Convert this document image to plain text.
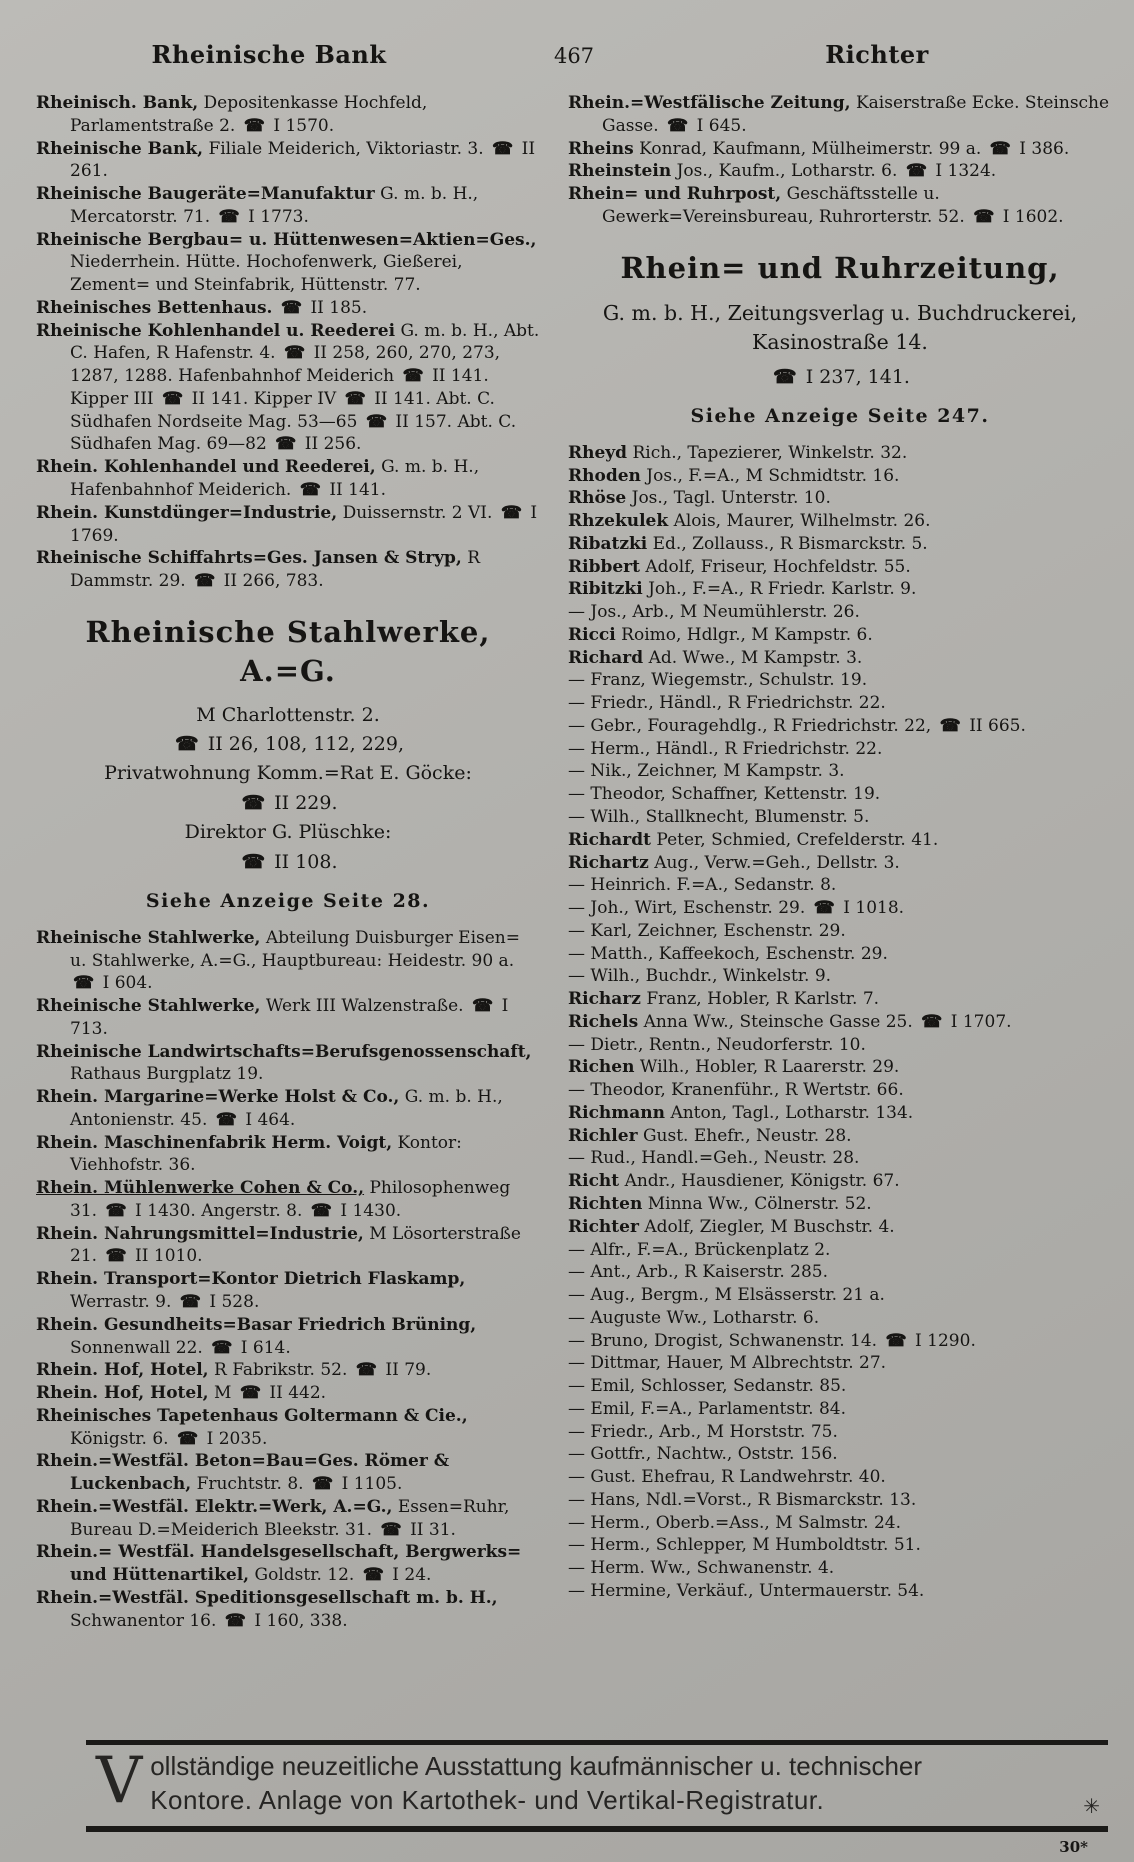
Rheinische Bank	467	Richter
Rheinisch. Bank, Depositenkasse Hochfeld, Parlamentstraße 2. ☎ I 1570.
Rheinische Bank, Filiale Meiderich, Viktoriastr. 3. ☎ II 261.
Rheinische Baugeräte=Manufaktur G. m. b. H., Mercatorstr. 71. ☎ I 1773.
Rheinische Bergbau= u. Hüttenwesen=Aktien=Ges., Niederrhein. Hütte. Hochofenwerk, Gießerei, Zement= und Steinfabrik, Hüttenstr. 77.
Rheinisches Bettenhaus. ☎ II 185.
Rheinische Kohlenhandel u. Reederei G. m. b. H., Abt. C. Hafen, R Hafenstr. 4. ☎ II 258, 260, 270, 273, 1287, 1288. Hafenbahnhof Meiderich ☎ II 141. Kipper III ☎ II 141. Kipper IV ☎ II 141. Abt. C. Südhafen Nordseite Mag. 53—65 ☎ II 157. Abt. C. Südhafen Mag. 69—82 ☎ II 256.
Rhein. Kohlenhandel und Reederei, G. m. b. H., Hafenbahnhof Meiderich. ☎ II 141.
Rhein. Kunstdünger=Industrie, Duissernstr. 2 VI. ☎ I 1769.
Rheinische Schiffahrts=Ges. Jansen & Stryp, R Dammstr. 29. ☎ II 266, 783.
Rheinische Stahlwerke, A.=G.
M Charlottenstr. 2.
☎ II 26, 108, 112, 229,
Privatwohnung Komm.=Rat E. Göcke:
☎ II 229.
Direktor G. Plüschke:
☎ II 108.
Siehe Anzeige Seite 28.
Rheinische Stahlwerke, Abteilung Duisburger Eisen= u. Stahlwerke, A.=G., Hauptbureau: Heidestr. 90 a. ☎ I 604.
Rheinische Stahlwerke, Werk III Walzenstraße. ☎ I 713.
Rheinische Landwirtschafts=Berufsgenossenschaft, Rathaus Burgplatz 19.
Rhein. Margarine=Werke Holst & Co., G. m. b. H., Antonienstr. 45. ☎ I 464.
Rhein. Maschinenfabrik Herm. Voigt, Kontor: Viehhofstr. 36.
Rhein. Mühlenwerke Cohen & Co., Philosophenweg 31. ☎ I 1430. Angerstr. 8. ☎ I 1430.
Rhein. Nahrungsmittel=Industrie, M Lösorterstraße 21. ☎ II 1010.
Rhein. Transport=Kontor Dietrich Flaskamp, Werrastr. 9. ☎ I 528.
Rhein. Gesundheits=Basar Friedrich Brüning, Sonnenwall 22. ☎ I 614.
Rhein. Hof, Hotel, R Fabrikstr. 52. ☎ II 79.
Rhein. Hof, Hotel, M ☎ II 442.
Rheinisches Tapetenhaus Goltermann & Cie., Königstr. 6. ☎ I 2035.
Rhein.=Westfäl. Beton=Bau=Ges. Römer & Luckenbach, Fruchtstr. 8. ☎ I 1105.
Rhein.=Westfäl. Elektr.=Werk, A.=G., Essen=Ruhr, Bureau D.=Meiderich Bleekstr. 31. ☎ II 31.
Rhein.= Westfäl. Handelsgesellschaft, Bergwerks= und Hüttenartikel, Goldstr. 12. ☎ I 24.
Rhein.=Westfäl. Speditionsgesellschaft m. b. H., Schwanentor 16. ☎ I 160, 338.
Rhein.=Westfälische Zeitung, Kaiserstraße Ecke. Steinsche Gasse. ☎ I 645.
Rheins Konrad, Kaufmann, Mülheimerstr. 99 a. ☎ I 386.
Rheinstein Jos., Kaufm., Lotharstr. 6. ☎ I 1324.
Rhein= und Ruhrpost, Geschäftsstelle u. Gewerk=Vereinsbureau, Ruhrorterstr. 52. ☎ I 1602.
Rhein= und Ruhrzeitung,
G. m. b. H., Zeitungsverlag u. Buchdruckerei, Kasinostraße 14.
☎ I 237, 141.
Siehe Anzeige Seite 247.
Rheyd Rich., Tapezierer, Winkelstr. 32.
Rhoden Jos., F.=A., M Schmidtstr. 16.
Rhöse Jos., Tagl. Unterstr. 10.
Rhzekulek Alois, Maurer, Wilhelmstr. 26.
Ribatzki Ed., Zollauss., R Bismarckstr. 5.
Ribbert Adolf, Friseur, Hochfeldstr. 55.
Ribitzki Joh., F.=A., R Friedr. Karlstr. 9.
— Jos., Arb., M Neumühlerstr. 26.
Ricci Roimo, Hdlgr., M Kampstr. 6.
Richard Ad. Wwe., M Kampstr. 3.
— Franz, Wiegemstr., Schulstr. 19.
— Friedr., Händl., R Friedrichstr. 22.
— Gebr., Fouragehdlg., R Friedrichstr. 22, ☎ II 665.
— Herm., Händl., R Friedrichstr. 22.
— Nik., Zeichner, M Kampstr. 3.
— Theodor, Schaffner, Kettenstr. 19.
— Wilh., Stallknecht, Blumenstr. 5.
Richardt Peter, Schmied, Crefelderstr. 41.
Richartz Aug., Verw.=Geh., Dellstr. 3.
— Heinrich. F.=A., Sedanstr. 8.
— Joh., Wirt, Eschenstr. 29. ☎ I 1018.
— Karl, Zeichner, Eschenstr. 29.
— Matth., Kaffeekoch, Eschenstr. 29.
— Wilh., Buchdr., Winkelstr. 9.
Richarz Franz, Hobler, R Karlstr. 7.
Richels Anna Ww., Steinsche Gasse 25. ☎ I 1707.
— Dietr., Rentn., Neudorferstr. 10.
Richen Wilh., Hobler, R Laarerstr. 29.
— Theodor, Kranenführ., R Wertstr. 66.
Richmann Anton, Tagl., Lotharstr. 134.
Richler Gust. Ehefr., Neustr. 28.
— Rud., Handl.=Geh., Neustr. 28.
Richt Andr., Hausdiener, Königstr. 67.
Richten Minna Ww., Cölnerstr. 52.
Richter Adolf, Ziegler, M Buschstr. 4.
— Alfr., F.=A., Brückenplatz 2.
— Ant., Arb., R Kaiserstr. 285.
— Aug., Bergm., M Elsässerstr. 21 a.
— Auguste Ww., Lotharstr. 6.
— Bruno, Drogist, Schwanenstr. 14. ☎ I 1290.
— Dittmar, Hauer, M Albrechtstr. 27.
— Emil, Schlosser, Sedanstr. 85.
— Emil, F.=A., Parlamentstr. 84.
— Friedr., Arb., M Horststr. 75.
— Gottfr., Nachtw., Oststr. 156.
— Gust. Ehefrau, R Landwehrstr. 40.
— Hans, Ndl.=Vorst., R Bismarckstr. 13.
— Herm., Oberb.=Ass., M Salmstr. 24.
— Herm., Schlepper, M Humboldtstr. 51.
— Herm. Ww., Schwanenstr. 4.
— Hermine, Verkäuf., Untermauerstr. 54.
V ollständige neuzeitliche Ausstattung kaufmännischer u. technischer
Kontore. Anlage von Kartothek- und Vertikal-Registratur.	✳
30*
